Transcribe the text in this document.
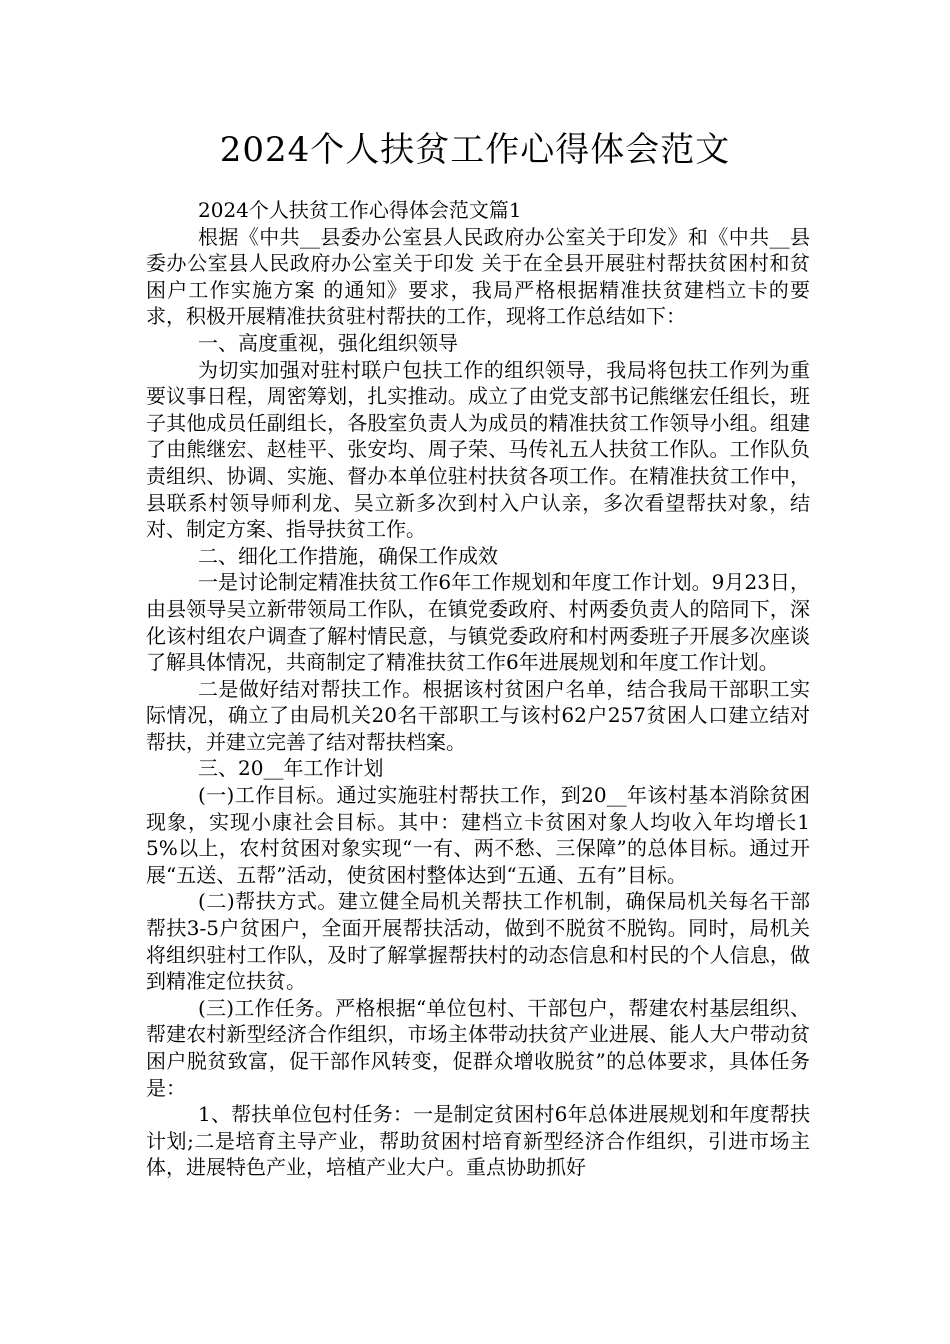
2024个人扶贫工作心得体会范文

2024个人扶贫工作心得体会范文篇1

根据《中共__县委办公室县人民政府办公室关于印发》和《中共__县委办公室县人民政府办公室关于印发 关于在全县开展驻村帮扶贫困村和贫困户工作实施方案 的通知》要求，我局严格根据精准扶贫建档立卡的要求，积极开展精准扶贫驻村帮扶的工作，现将工作总结如下：

一、高度重视，强化组织领导

为切实加强对驻村联户包扶工作的组织领导，我局将包扶工作列为重要议事日程，周密筹划，扎实推动。成立了由党支部书记熊继宏任组长，班子其他成员任副组长，各股室负责人为成员的精准扶贫工作领导小组。组建了由熊继宏、赵桂平、张安均、周子荣、马传礼五人扶贫工作队。工作队负责组织、协调、实施、督办本单位驻村扶贫各项工作。在精准扶贫工作中，县联系村领导师利龙、吴立新多次到村入户认亲，多次看望帮扶对象，结对、制定方案、指导扶贫工作。

二、细化工作措施，确保工作成效

一是讨论制定精准扶贫工作6年工作规划和年度工作计划。9月23日，由县领导吴立新带领局工作队，在镇党委政府、村两委负责人的陪同下，深化该村组农户调查了解村情民意，与镇党委政府和村两委班子开展多次座谈了解具体情况，共商制定了精准扶贫工作6年进展规划和年度工作计划。

二是做好结对帮扶工作。根据该村贫困户名单，结合我局干部职工实际情况，确立了由局机关20名干部职工与该村62户257贫困人口建立结对帮扶，并建立完善了结对帮扶档案。

三、20__年工作计划

(一)工作目标。通过实施驻村帮扶工作，到20__年该村基本消除贫困现象，实现小康社会目标。其中：建档立卡贫困对象人均收入年均增长15%以上，农村贫困对象实现“一有、两不愁、三保障”的总体目标。通过开展“五送、五帮”活动，使贫困村整体达到“五通、五有”目标。

(二)帮扶方式。建立健全局机关帮扶工作机制，确保局机关每名干部帮扶3-5户贫困户，全面开展帮扶活动，做到不脱贫不脱钩。同时，局机关将组织驻村工作队，及时了解掌握帮扶村的动态信息和村民的个人信息，做到精准定位扶贫。

(三)工作任务。严格根据“单位包村、干部包户，帮建农村基层组织、帮建农村新型经济合作组织，市场主体带动扶贫产业进展、能人大户带动贫困户脱贫致富，促干部作风转变，促群众增收脱贫”的总体要求，具体任务是：

1、帮扶单位包村任务：一是制定贫困村6年总体进展规划和年度帮扶计划;二是培育主导产业，帮助贫困村培育新型经济合作组织，引进市场主体，进展特色产业，培植产业大户。重点协助抓好
